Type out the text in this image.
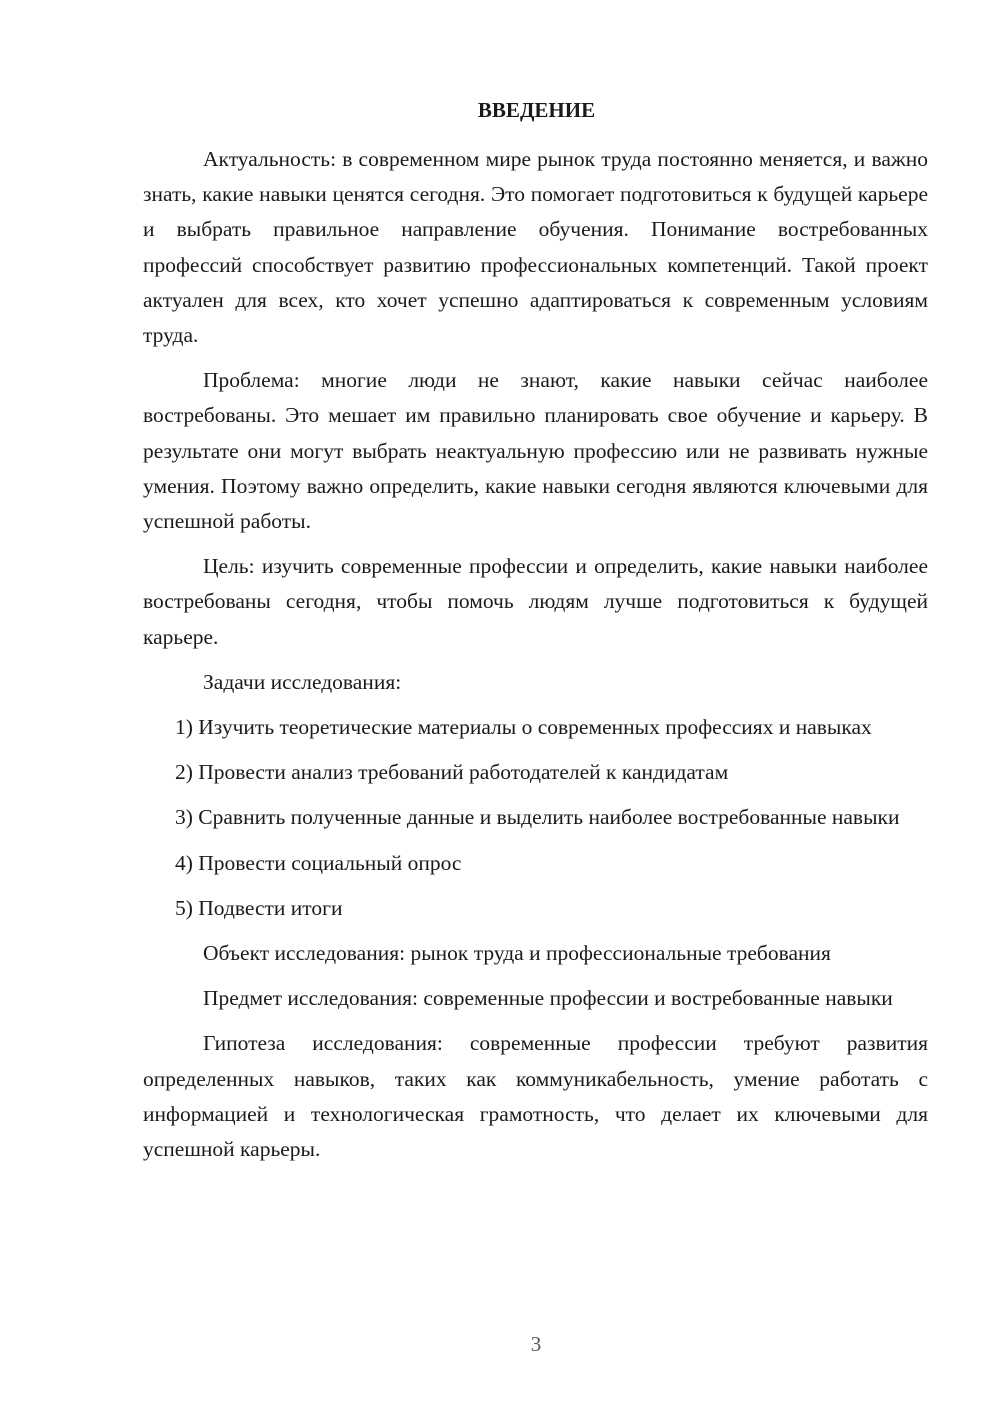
ВВЕДЕНИЕ

Актуальность: в современном мире рынок труда постоянно меняется, и важно знать, какие навыки ценятся сегодня. Это помогает подготовиться к будущей карьере и выбрать правильное направление обучения. Понимание востребованных профессий способствует развитию профессиональных компетенций. Такой проект актуален для всех, кто хочет успешно адаптироваться к современным условиям труда.

Проблема: многие люди не знают, какие навыки сейчас наиболее востребованы. Это мешает им правильно планировать свое обучение и карьеру. В результате они могут выбрать неактуальную профессию или не развивать нужные умения. Поэтому важно определить, какие навыки сегодня являются ключевыми для успешной работы.

Цель: изучить современные профессии и определить, какие навыки наиболее востребованы сегодня, чтобы помочь людям лучше подготовиться к будущей карьере.

Задачи исследования:

1) Изучить теоретические материалы о современных профессиях и навыках

2) Провести анализ требований работодателей к кандидатам

3) Сравнить полученные данные и выделить наиболее востребованные навыки

4) Провести социальный опрос

5) Подвести итоги

Объект исследования: рынок труда и профессиональные требования

Предмет исследования: современные профессии и востребованные навыки

Гипотеза исследования: современные профессии требуют развития определенных навыков, таких как коммуникабельность, умение работать с информацией и технологическая грамотность, что делает их ключевыми для успешной карьеры.

3
